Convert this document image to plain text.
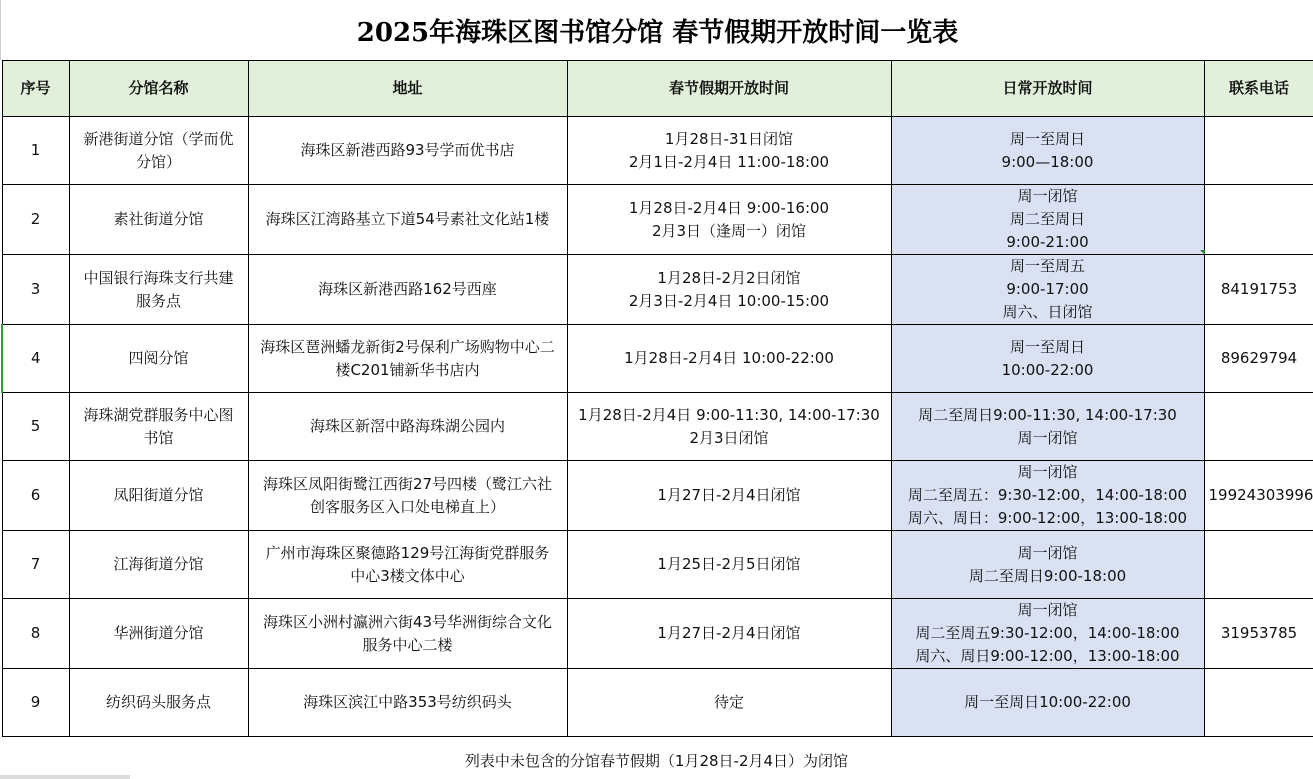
2025年海珠区图书馆分馆 春节假期开放时间一览表
序号	分馆名称	地址	春节假期开放时间	日常开放时间	联系电话
1	新港街道分馆（学而优
分馆）	海珠区新港西路93号学而优书店	1月28日-31日闭馆
2月1日-2月4日 11:00-18:00	周一至周日
9:00—18:00	

2	素社街道分馆	海珠区江湾路基立下道54号素社文化站1楼	1月28日-2月4日 9:00-16:00
2月3日（逢周一）闭馆	周一闭馆
周二至周日
9:00-21:00	

3	中国银行海珠支行共建
服务点	海珠区新港西路162号西座	1月28日-2月2日闭馆
2月3日-2月4日 10:00-15:00	周一至周五
9:00-17:00
周六、日闭馆	84191753
4	四阅分馆	海珠区琶洲蟠龙新街2号保利广场购物中心二
楼C201铺新华书店内	1月28日-2月4日 10:00-22:00	周一至周日
10:00-22:00	89629794
5	海珠湖党群服务中心图
书馆	海珠区新滘中路海珠湖公园内	1月28日-2月4日 9:00-11:30, 14:00-17:30
2月3日闭馆	周二至周日9:00-11:30, 14:00-17:30
周一闭馆	

6	凤阳街道分馆	海珠区凤阳街鹭江西街27号四楼（鹭江六社
创客服务区入口处电梯直上）	1月27日-2月4日闭馆	周一闭馆
周二至周五：9:30-12:00，14:00-18:00
周六、周日：9:00-12:00，13:00-18:00	19924303996
7	江海街道分馆	广州市海珠区聚德路129号江海街党群服务
中心3楼文体中心	1月25日-2月5日闭馆	周一闭馆
周二至周日9:00-18:00	

8	华洲街道分馆	海珠区小洲村瀛洲六街43号华洲街综合文化
服务中心二楼	1月27日-2月4日闭馆	周一闭馆
周二至周五9:30-12:00，14:00-18:00
周六、周日9:00-12:00，13:00-18:00	31953785
9	纺织码头服务点	海珠区滨江中路353号纺织码头	待定	周一至周日10:00-22:00	

列表中未包含的分馆春节假期（1月28日-2月4日）为闭馆
